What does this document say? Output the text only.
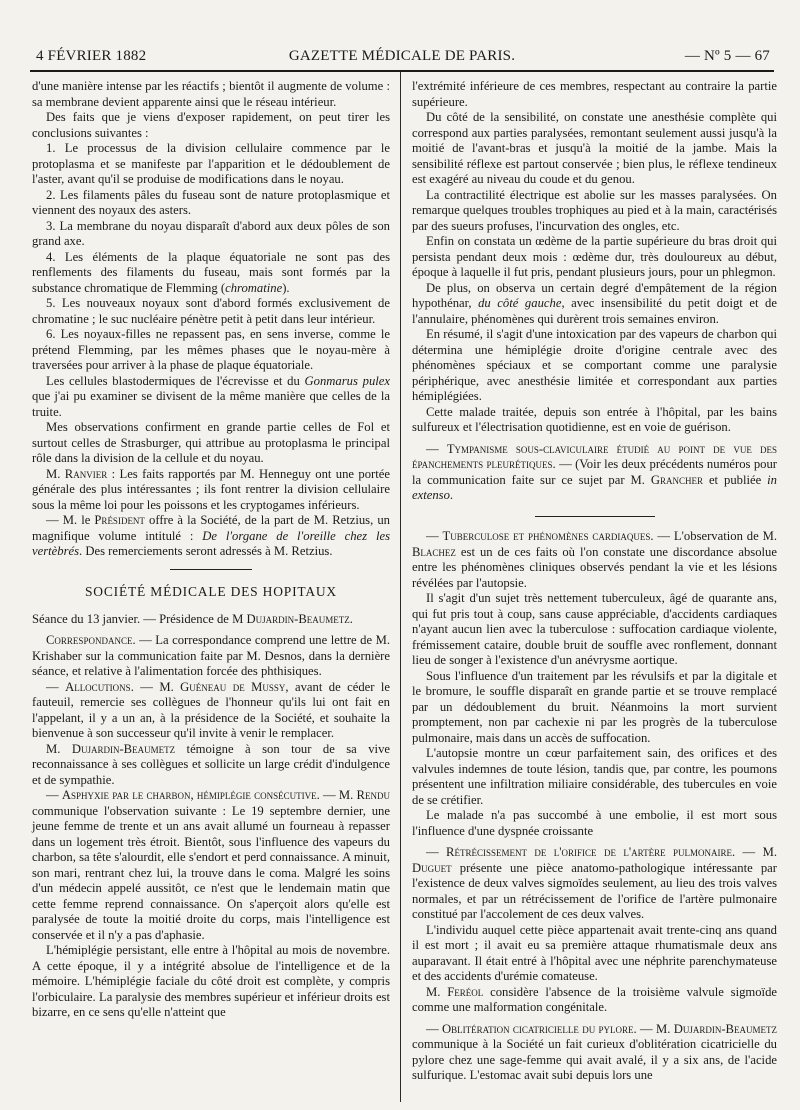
4 FÉVRIER 1882	GAZETTE MÉDICALE DE PARIS.	— Nº 5 — 67

d'une manière intense par les réactifs ; bientôt il augmente de volume : sa membrane devient apparente ainsi que le réseau intérieur.

Des faits que je viens d'exposer rapidement, on peut tirer les conclusions suivantes :

1. Le processus de la division cellulaire commence par le protoplasma et se manifeste par l'apparition et le dédoublement de l'aster, avant qu'il se produise de modifications dans le noyau.

2. Les filaments pâles du fuseau sont de nature protoplasmique et viennent des noyaux des asters.

3. La membrane du noyau disparaît d'abord aux deux pôles de son grand axe.

4. Les éléments de la plaque équatoriale ne sont pas des renflements des filaments du fuseau, mais sont formés par la substance chromatique de Flemming (chromatine).

5. Les nouveaux noyaux sont d'abord formés exclusivement de chromatine ; le suc nucléaire pénètre petit à petit dans leur intérieur.

6. Les noyaux-filles ne repassent pas, en sens inverse, comme le prétend Flemming, par les mêmes phases que le noyau-mère à traversées pour arriver à la phase de plaque équatoriale.

Les cellules blastodermiques de l'écrevisse et du Gonmarus pulex que j'ai pu examiner se divisent de la même manière que celles de la truite.

Mes observations confirment en grande partie celles de Fol et surtout celles de Strasburger, qui attribue au protoplasma le principal rôle dans la division de la cellule et du noyau.

M. Ranvier : Les faits rapportés par M. Henneguy ont une portée générale des plus intéressantes ; ils font rentrer la division cellulaire sous la même loi pour les poissons et les cryptogames inférieurs.

— M. le Président offre à la Société, de la part de M. Retzius, un magnifique volume intitulé : De l'organe de l'oreille chez les vertèbrés. Des remerciements seront adressés à M. Retzius.

SOCIÉTÉ MÉDICALE DES HOPITAUX

Séance du 13 janvier. — Présidence de M Dujardin-Beaumetz.

Correspondance. — La correspondance comprend une lettre de M. Krishaber sur la communication faite par M. Desnos, dans la dernière séance, et relative à l'alimentation forcée des phthisiques.

— Allocutions. — M. Guéneau de Mussy, avant de céder le fauteuil, remercie ses collègues de l'honneur qu'ils lui ont fait en l'appelant, il y a un an, à la présidence de la Société, et souhaite la bienvenue à son successeur qu'il invite à venir le remplacer.

M. Dujardin-Beaumetz témoigne à son tour de sa vive reconnaissance à ses collègues et sollicite un large crédit d'indulgence et de sympathie.

— Asphyxie par le charbon, hémiplégie consécutive. — M. Rendu communique l'observation suivante : Le 19 septembre dernier, une jeune femme de trente et un ans avait allumé un fourneau à repasser dans un logement très étroit. Bientôt, sous l'influence des vapeurs du charbon, sa tête s'alourdit, elle s'endort et perd connaissance. A minuit, son mari, rentrant chez lui, la trouve dans le coma. Malgré les soins d'un médecin appelé aussitôt, ce n'est que le lendemain matin que cette femme reprend connaissance. On s'aperçoit alors qu'elle est paralysée de toute la moitié droite du corps, mais l'intelligence est conservée et il n'y a pas d'aphasie.

L'hémiplégie persistant, elle entre à l'hôpital au mois de novembre. A cette époque, il y a intégrité absolue de l'intelligence et de la mémoire. L'hémiplégie faciale du côté droit est complète, y compris l'orbiculaire. La paralysie des membres supérieur et inférieur droits est bizarre, en ce sens qu'elle n'atteint que

l'extrémité inférieure de ces membres, respectant au contraire la partie supérieure.

Du côté de la sensibilité, on constate une anesthésie complète qui correspond aux parties paralysées, remontant seulement aussi jusqu'à la moitié de l'avant-bras et jusqu'à la moitié de la jambe. Mais la sensibilité réflexe est partout conservée ; bien plus, le réflexe tendineux est exagéré au niveau du coude et du genou.

La contractilité électrique est abolie sur les masses paralysées. On remarque quelques troubles trophiques au pied et à la main, caractérisés par des sueurs profuses, l'incurvation des ongles, etc.

Enfin on constata un œdème de la partie supérieure du bras droit qui persista pendant deux mois : œdème dur, très douloureux au début, époque à laquelle il fut pris, pendant plusieurs jours, pour un phlegmon.

De plus, on observa un certain degré d'empâtement de la région hypothénar, du côté gauche, avec insensibilité du petit doigt et de l'annulaire, phénomènes qui durèrent trois semaines environ.

En résumé, il s'agit d'une intoxication par des vapeurs de charbon qui détermina une hémiplégie droite d'origine centrale avec des phénomènes spéciaux et se comportant comme une paralysie périphérique, avec anesthésie limitée et correspondant aux parties hémiplégiées.

Cette malade traitée, depuis son entrée à l'hôpital, par les bains sulfureux et l'électrisation quotidienne, est en voie de guérison.

— Tympanisme sous-claviculaire étudié au point de vue des épanchements pleurétiques. — (Voir les deux précédents numéros pour la communication faite sur ce sujet par M. Grancher et publiée in extenso.

— Tuberculose et phénomènes cardiaques. — L'observation de M. Blachez est un de ces faits où l'on constate une discordance absolue entre les phénomènes cliniques observés pendant la vie et les lésions révélées par l'autopsie.

Il s'agit d'un sujet très nettement tuberculeux, âgé de quarante ans, qui fut pris tout à coup, sans cause appréciable, d'accidents cardiaques n'ayant aucun lien avec la tuberculose : suffocation cardiaque violente, frémissement cataire, double bruit de souffle avec ronflement, donnant lieu de songer à l'existence d'un anévrysme aortique.

Sous l'influence d'un traitement par les révulsifs et par la digitale et le bromure, le souffle disparaît en grande partie et se trouve remplacé par un dédoublement du bruit. Néanmoins la mort survient promptement, non par cachexie ni par les progrès de la tuberculose pulmonaire, mais dans un accès de suffocation.

L'autopsie montre un cœur parfaitement sain, des orifices et des valvules indemnes de toute lésion, tandis que, par contre, les poumons présentent une infiltration miliaire considérable, des tubercules en voie de se crétifier.

Le malade n'a pas succombé à une embolie, il est mort sous l'influence d'une dyspnée croissante

— Rétrécissement de l'orifice de l'artère pulmonaire. — M. Duguet présente une pièce anatomo-pathologique intéressante par l'existence de deux valves sigmoïdes seulement, au lieu des trois valves normales, et par un rétrécissement de l'orifice de l'artère pulmonaire constitué par l'accolement de ces deux valves.

L'individu auquel cette pièce appartenait avait trente-cinq ans quand il est mort ; il avait eu sa première attaque rhumatismale deux ans auparavant. Il était entré à l'hôpital avec une néphrite parenchymateuse et des accidents d'urémie comateuse.

M. Feréol considère l'absence de la troisième valvule sigmoïde comme une malformation congénitale.

— Oblitération cicatricielle du pylore. — M. Dujardin-Beaumetz communique à la Société un fait curieux d'oblitération cicatricielle du pylore chez une sage-femme qui avait avalé, il y a six ans, de l'acide sulfurique. L'estomac avait subi depuis lors une
